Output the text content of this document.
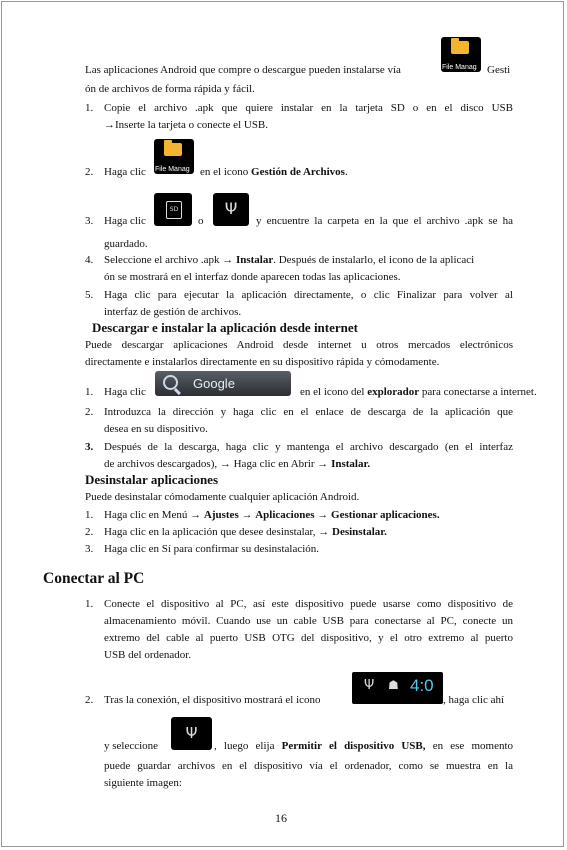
Las aplicaciones Android que compre o descargue pueden instalarse vía	File Manag Gesti
ón de archivos de forma rápida y fácil.
1. Copie el archivo .apk que quiere instalar en la tarjeta SD o en el disco USB
→Inserte la tarjeta o conecte el USB.
2. Haga clic File Manag en el icono Gestión de Archivos.
3. Haga clic
SD
o
Ψ
y encuentre la carpeta en la que el archivo .apk se ha
guardado.
4. Seleccione el archivo .apk → Instalar. Después de instalarlo, el icono de la aplicaci
ón se mostrará en el interfaz donde aparecen todas las aplicaciones.
5. Haga clic para ejecutar la aplicación directamente, o clic Finalizar para volver al
interfaz de gestión de archivos.
Descargar e instalar la aplicación desde internet
Puede descargar aplicaciones Android desde internet u otros mercados electrónicos
directamente e instalarlos directamente en su dispositivo rápida y cómodamente.
1. Haga clic
Google
en el icono del explorador para conectarse a internet.
2. Introduzca la dirección y haga clic en el enlace de descarga de la aplicación que
desea en su dispositivo.
3. Después de la descarga, haga clic y mantenga el archivo descargado (en el interfaz
de archivos descargados), → Haga clic en Abrir → Instalar.
Desinstalar aplicaciones
Puede desinstalar cómodamente cualquier aplicación Android.
1. Haga clic en Menú → Ajustes → Aplicaciones → Gestionar aplicaciones.
2. Haga clic en la aplicación que desee desinstalar, → Desinstalar.
3. Haga clic en Sí para confirmar su desinstalación.
Conectar al PC
1. Conecte el dispositivo al PC, así este dispositivo puede usarse como dispositivo de
almacenamiento móvil. Cuando use un cable USB para conectarse al PC, conecte un
extremo del cable al puerto USB OTG del dispositivo, y el otro extremo al puerto
USB del ordenador.
2. Tras la conexión, el dispositivo mostrará el icono
Ψ ☗ 4:0
, haga clic ahí
y seleccione
Ψ
, luego elija Permitir el dispositivo USB, en ese momento
puede guardar archivos en el dispositivo vía el ordenador, como se muestra en la
siguiente imagen:
16
